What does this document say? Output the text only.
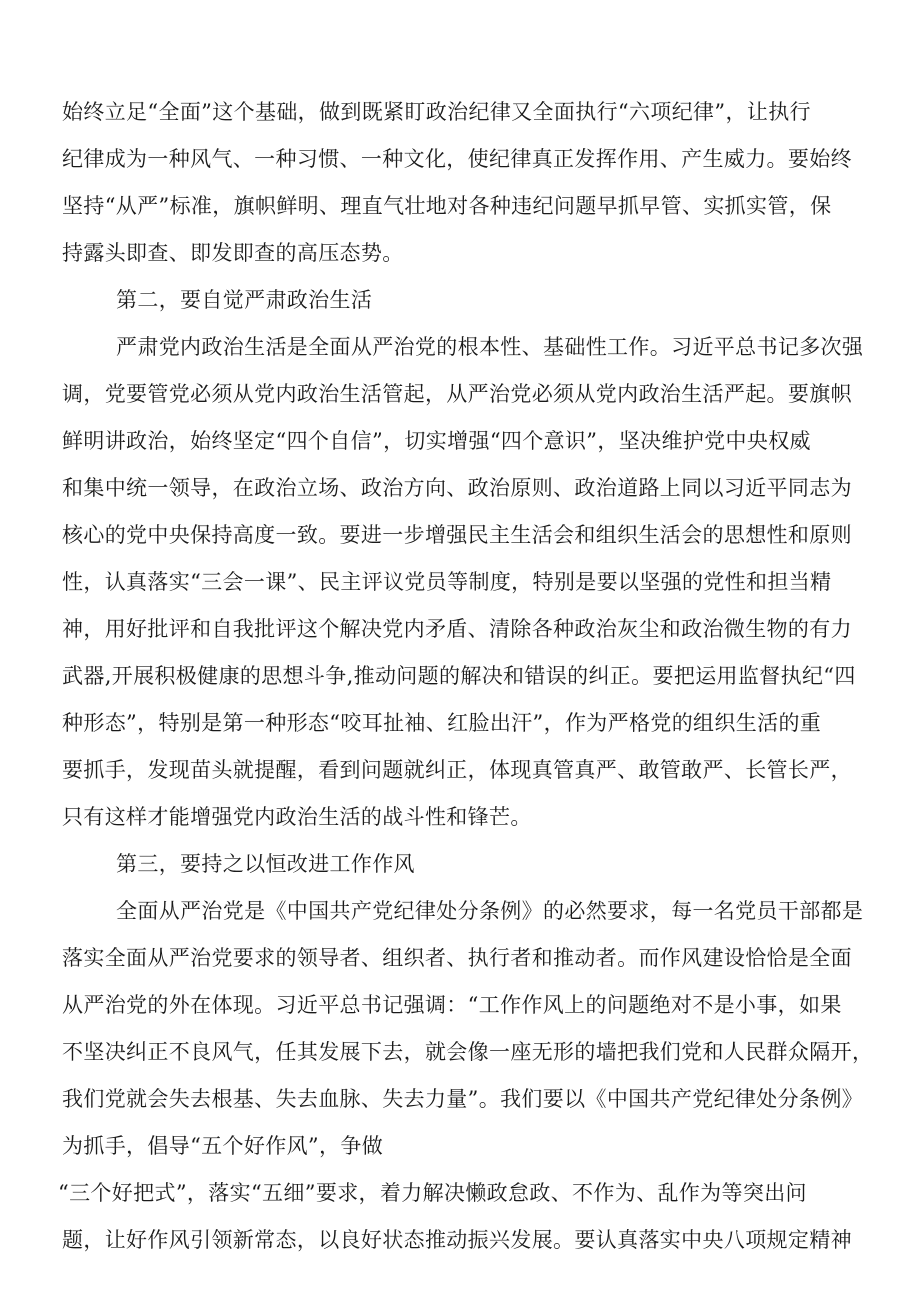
始终立足“全面”这个基础，做到既紧盯政治纪律又全面执行“六项纪律”，让执行
纪律成为一种风气、一种习惯、一种文化，使纪律真正发挥作用、产生威力。要始终
坚持“从严”标准，旗帜鲜明、理直气壮地对各种违纪问题早抓早管、实抓实管，保
持露头即查、即发即查的高压态势。
第二，要自觉严肃政治生活
严肃党内政治生活是全面从严治党的根本性、基础性工作。习近平总书记多次强
调，党要管党必须从党内政治生活管起，从严治党必须从党内政治生活严起。要旗帜
鲜明讲政治，始终坚定“四个自信”，切实增强“四个意识”，坚决维护党中央权威
和集中统一领导，在政治立场、政治方向、政治原则、政治道路上同以习近平同志为
核心的党中央保持高度一致。要进一步增强民主生活会和组织生活会的思想性和原则
性，认真落实“三会一课”、民主评议党员等制度，特别是要以坚强的党性和担当精
神，用好批评和自我批评这个解决党内矛盾、清除各种政治灰尘和政治微生物的有力
武器,开展积极健康的思想斗争,推动问题的解决和错误的纠正。要把运用监督执纪“四
种形态”，特别是第一种形态“咬耳扯袖、红脸出汗”，作为严格党的组织生活的重
要抓手，发现苗头就提醒，看到问题就纠正，体现真管真严、敢管敢严、长管长严，
只有这样才能增强党内政治生活的战斗性和锋芒。
第三，要持之以恒改进工作作风
全面从严治党是《中国共产党纪律处分条例》的必然要求，每一名党员干部都是
落实全面从严治党要求的领导者、组织者、执行者和推动者。而作风建设恰恰是全面
从严治党的外在体现。习近平总书记强调：“工作作风上的问题绝对不是小事，如果
不坚决纠正不良风气，任其发展下去，就会像一座无形的墙把我们党和人民群众隔开，
我们党就会失去根基、失去血脉、失去力量”。我们要以《中国共产党纪律处分条例》
为抓手，倡导“五个好作风”，争做
“三个好把式”，落实“五细”要求，着力解决懒政怠政、不作为、乱作为等突出问
题，让好作风引领新常态，以良好状态推动振兴发展。要认真落实中央八项规定精神
